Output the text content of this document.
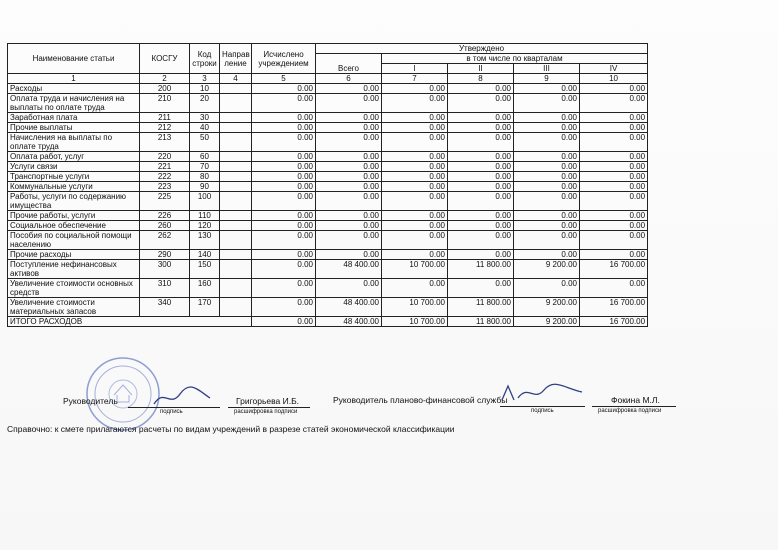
Наименование статьи	КОСГУ	Код строки	Направ ление	Исчислено учреждением	Утверждено				
					Всего	в том числе по кварталам			
						I	II	III	IV
1	2	3	4	5	6	7	8	9	10
Расходы	200	10		0.00	0.00	0.00	0.00	0.00	0.00
Оплата труда и начисления на выплаты по оплате труда	210	20		0.00	0.00	0.00	0.00	0.00	0.00
Заработная плата	211	30		0.00	0.00	0.00	0.00	0.00	0.00
Прочие выплаты	212	40		0.00	0.00	0.00	0.00	0.00	0.00
Начисления на выплаты по оплате труда	213	50		0.00	0.00	0.00	0.00	0.00	0.00
Оплата работ, услуг	220	60		0.00	0.00	0.00	0.00	0.00	0.00
Услуги связи	221	70		0.00	0.00	0.00	0.00	0.00	0.00
Транспортные услуги	222	80		0.00	0.00	0.00	0.00	0.00	0.00
Коммунальные услуги	223	90		0.00	0.00	0.00	0.00	0.00	0.00
Работы, услуги по содержанию имущества	225	100		0.00	0.00	0.00	0.00	0.00	0.00
Прочие работы, услуги	226	110		0.00	0.00	0.00	0.00	0.00	0.00
Социальное обеспечение	260	120		0.00	0.00	0.00	0.00	0.00	0.00
Пособия по социальной помощи населению	262	130		0.00	0.00	0.00	0.00	0.00	0.00
Прочие расходы	290	140		0.00	0.00	0.00	0.00	0.00	0.00
Поступление нефинансовых активов	300	150		0.00	48 400.00	10 700.00	11 800.00	9 200.00	16 700.00
Увеличение стоимости основных средств	310	160		0.00	0.00	0.00	0.00	0.00	0.00
Увеличение стоимости материальных запасов	340	170		0.00	48 400.00	10 700.00	11 800.00	9 200.00	16 700.00
ИТОГО РАСХОДОВ				0.00	48 400.00	10 700.00	11 800.00	9 200.00	16 700.00
Руководитель
подпись
Григорьева И.Б.
расшифровка подписи
Руководитель планово-финансовой службы
подпись
Фокина М.Л.
расшифровка подписи
Справочно: к смете прилагаются расчеты по видам учреждений в разрезе статей экономической классификации
